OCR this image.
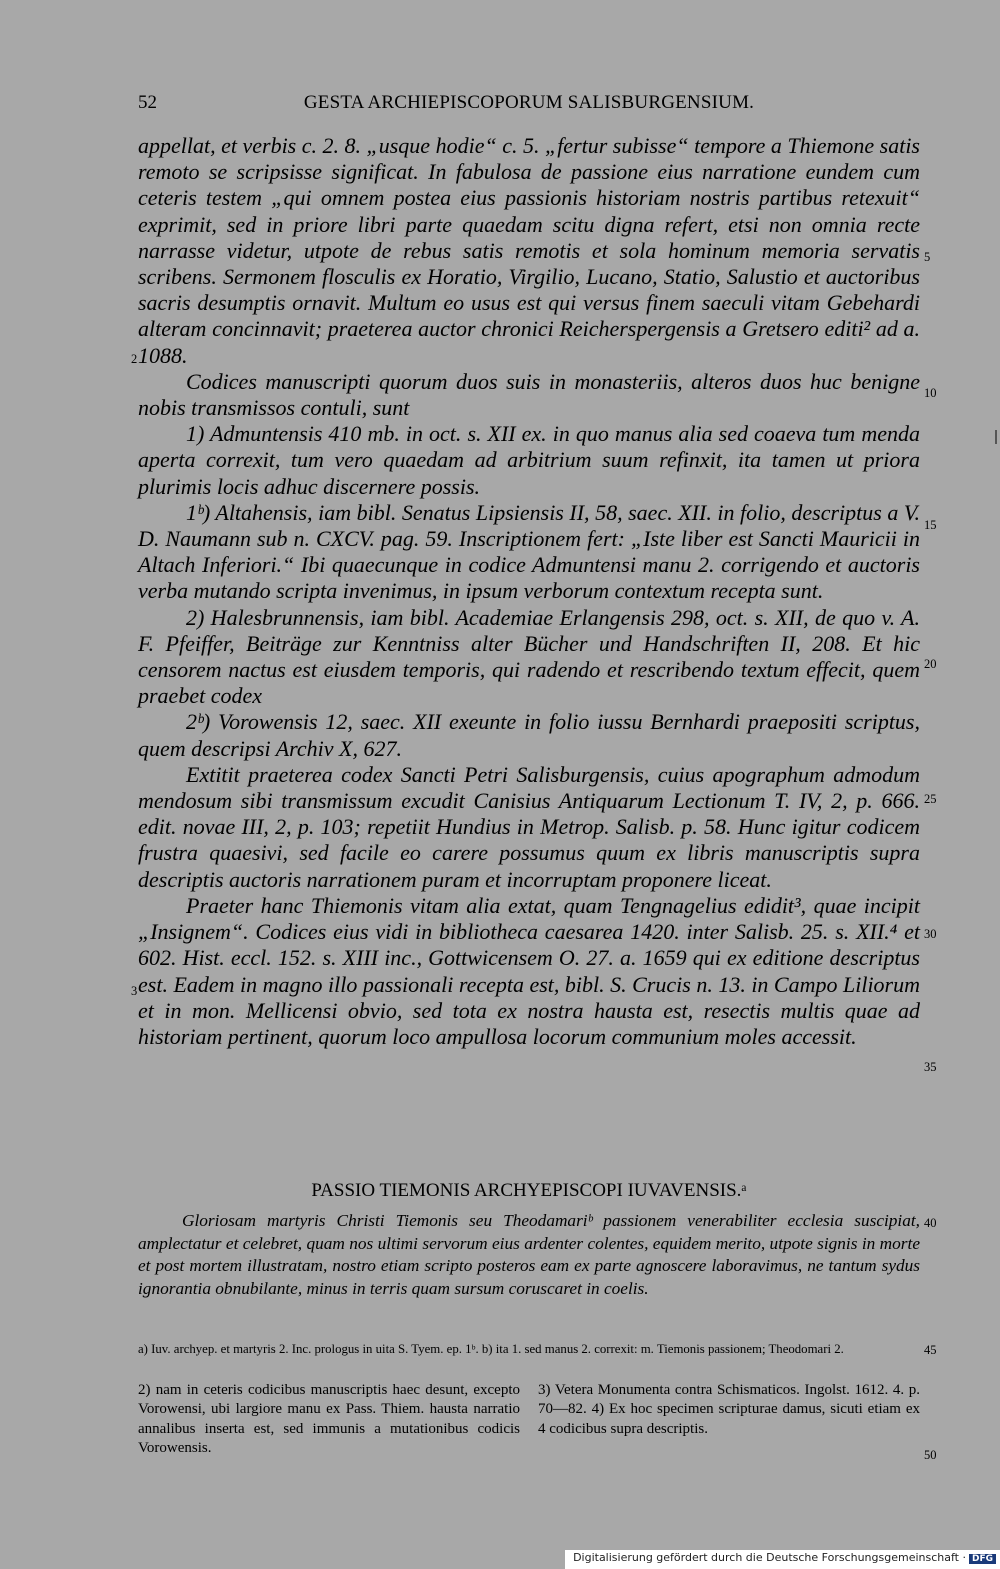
52	GESTA ARCHIEPISCOPORUM SALISBURGENSIUM.

appellat, et verbis c. 2. 8. „usque hodie“ c. 5. „fertur subisse“ tempore a Thiemone satis remoto se scripsisse significat. In fabulosa de passione eius narratione eundem cum ceteris testem „qui omnem postea eius passionis historiam nostris partibus retexuit“ exprimit, sed in priore libri parte quaedam scitu digna refert, etsi non omnia recte narrasse videtur, utpote de rebus satis remotis et sola hominum memoria servatis scribens. Sermonem flosculis ex Horatio, Virgilio, Lucano, Statio, Salustio et auctoribus sacris desumptis ornavit. Multum eo usus est qui versus finem saeculi vitam Gebehardi alteram concinnavit; praeterea auctor chronici Reicherspergensis a Gretsero editi² ad a. 1088.

Codices manuscripti quorum duos suis in monasteriis, alteros duos huc benigne nobis transmissos contuli, sunt

1) Admuntensis 410 mb. in oct. s. XII ex. in quo manus alia sed coaeva tum menda aperta correxit, tum vero quaedam ad arbitrium suum refinxit, ita tamen ut priora plurimis locis adhuc discernere possis.

1ᵇ) Altahensis, iam bibl. Senatus Lipsiensis II, 58, saec. XII. in folio, descriptus a V. D. Naumann sub n. CXCV. pag. 59. Inscriptionem fert: „Iste liber est Sancti Mauricii in Altach Inferiori.“ Ibi quaecunque in codice Admuntensi manu 2. corrigendo et auctoris verba mutando scripta invenimus, in ipsum verborum contextum recepta sunt.

2) Halesbrunnensis, iam bibl. Academiae Erlangensis 298, oct. s. XII, de quo v. A. F. Pfeiffer, Beiträge zur Kenntniss alter Bücher und Handschriften II, 208. Et hic censorem nactus est eiusdem temporis, qui radendo et rescribendo textum effecit, quem praebet codex

2ᵇ) Vorowensis 12, saec. XII exeunte in folio iussu Bernhardi praepositi scriptus, quem descripsi Archiv X, 627.

Extitit praeterea codex Sancti Petri Salisburgensis, cuius apographum admodum mendosum sibi transmissum excudit Canisius Antiquarum Lectionum T. IV, 2, p. 666. edit. novae III, 2, p. 103; repetiit Hundius in Metrop. Salisb. p. 58. Hunc igitur codicem frustra quaesivi, sed facile eo carere possumus quum ex libris manuscriptis supra descriptis auctoris narrationem puram et incorruptam proponere liceat.

Praeter hanc Thiemonis vitam alia extat, quam Tengnagelius edidit³, quae incipit „Insignem“. Codices eius vidi in bibliotheca caesarea 1420. inter Salisb. 25. s. XII.⁴ et 602. Hist. eccl. 152. s. XIII inc., Gottwicensem O. 27. a. 1659 qui ex editione descriptus est. Eadem in magno illo passionali recepta est, bibl. S. Crucis n. 13. in Campo Liliorum et in mon. Mellicensi obvio, sed tota ex nostra hausta est, resectis multis quae ad historiam pertinent, quorum loco ampullosa locorum communium moles accessit.

PASSIO TIEMONIS ARCHYEPISCOPI IUVAVENSIS.ᵃ

Gloriosam martyris Christi Tiemonis seu Theodamariᵇ passionem venerabiliter ecclesia suscipiat, amplectatur et celebret, quam nos ultimi servorum eius ardenter colentes, equidem merito, utpote signis in morte et post mortem illustratam, nostro etiam scripto posteros eam ex parte agnoscere laboravimus, ne tantum sydus ignorantia obnubilante, minus in terris quam sursum coruscaret in coelis.

a) Iuv. archyep. et martyris 2. Inc. prologus in uita S. Tyem. ep. 1ᵇ. b) ita 1. sed manus 2. correxit: m. Tiemonis passionem; Theodomari 2.
2) nam in ceteris codicibus manuscriptis haec desunt, excepto Vorowensi, ubi largiore manu ex Pass. Thiem. hausta narratio annalibus inserta est, sed immunis a mutationibus codicis Vorowensis.
3) Vetera Monumenta contra Schismaticos. Ingolst. 1612. 4. p. 70—82. 4) Ex hoc specimen scripturae damus, sicuti etiam ex 4 codicibus supra descriptis.
5
10
15
20
25
30
35
40
45
50
2
3
Digitalisierung gefördert durch die Deutsche Forschungsgemeinschaft · DFG
